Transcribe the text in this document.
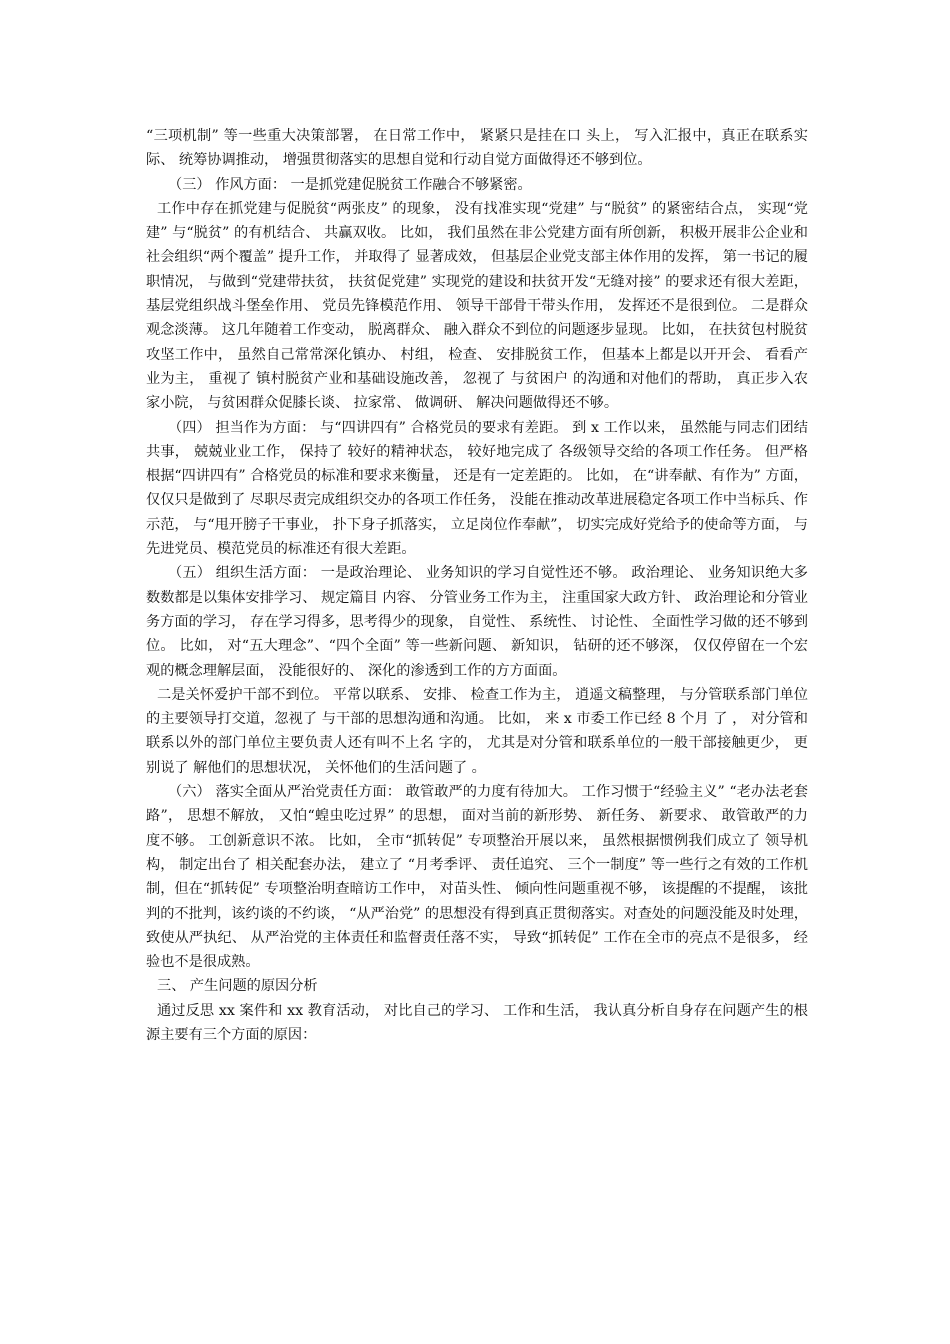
“三项机制” 等一些重大决策部署， 在日常工作中， 紧紧只是挂在口 头上， 写入汇报中，真正在联系实际、 统筹协调推动， 增强贯彻落实的思想自觉和行动自觉方面做得还不够到位。

（三） 作风方面： 一是抓党建促脱贫工作融合不够紧密。

工作中存在抓党建与促脱贫“两张皮” 的现象， 没有找准实现“党建” 与“脱贫” 的紧密结合点， 实现“党建” 与“脱贫” 的有机结合、 共赢双收。 比如， 我们虽然在非公党建方面有所创新， 积极开展非公企业和社会组织“两个覆盖” 提升工作， 并取得了 显著成效， 但基层企业党支部主体作用的发挥， 第一书记的履职情况， 与做到“党建带扶贫， 扶贫促党建” 实现党的建设和扶贫开发“无缝对接” 的要求还有很大差距， 基层党组织战斗堡垒作用、 党员先锋模范作用、 领导干部骨干带头作用， 发挥还不是很到位。 二是群众观念淡薄。 这几年随着工作变动， 脱离群众、 融入群众不到位的问题逐步显现。 比如， 在扶贫包村脱贫攻坚工作中， 虽然自己常常深化镇办、 村组， 检查、 安排脱贫工作， 但基本上都是以开开会、 看看产业为主， 重视了 镇村脱贫产业和基础设施改善， 忽视了 与贫困户 的沟通和对他们的帮助， 真正步入农家小院， 与贫困群众促膝长谈、 拉家常、 做调研、 解决问题做得还不够。

（四） 担当作为方面： 与“四讲四有” 合格党员的要求有差距。 到 x 工作以来， 虽然能与同志们团结共事， 兢兢业业工作， 保持了 较好的精神状态， 较好地完成了 各级领导交给的各项工作任务。 但严格根据“四讲四有” 合格党员的标准和要求来衡量， 还是有一定差距的。 比如， 在“讲奉献、有作为” 方面， 仅仅只是做到了 尽职尽责完成组织交办的各项工作任务， 没能在推动改革进展稳定各项工作中当标兵、作示范， 与“甩开膀子干事业， 扑下身子抓落实， 立足岗位作奉献”， 切实完成好党给予的使命等方面， 与先进党员、模范党员的标准还有很大差距。

（五） 组织生活方面： 一是政治理论、 业务知识的学习自觉性还不够。 政治理论、 业务知识绝大多数数都是以集体安排学习、 规定篇目 内容、 分管业务工作为主， 注重国家大政方针、 政治理论和分管业务方面的学习， 存在学习得多，思考得少的现象， 自觉性、 系统性、 讨论性、 全面性学习做的还不够到位。 比如， 对“五大理念”、“四个全面” 等一些新问题、 新知识， 钻研的还不够深， 仅仅停留在一个宏观的概念理解层面， 没能很好的、 深化的渗透到工作的方方面面。

二是关怀爱护干部不到位。 平常以联系、 安排、 检查工作为主， 逍遥文稿整理， 与分管联系部门单位的主要领导打交道，忽视了 与干部的思想沟通和沟通。 比如， 来 x 市委工作已经 8 个月 了 ， 对分管和联系以外的部门单位主要负责人还有叫不上名 字的， 尤其是对分管和联系单位的一般干部接触更少， 更别说了 解他们的思想状况， 关怀他们的生活问题了 。

（六） 落实全面从严治党责任方面： 敢管敢严的力度有待加大。 工作习惯于“经验主义” “老办法老套路”， 思想不解放， 又怕“蝗虫吃过界” 的思想， 面对当前的新形势、 新任务、 新要求、 敢管敢严的力度不够。 工创新意识不浓。 比如， 全市“抓转促” 专项整治开展以来， 虽然根据惯例我们成立了 领导机构， 制定出台了 相关配套办法， 建立了 “月考季评、 责任追究、 三个一制度” 等一些行之有效的工作机制，但在“抓转促” 专项整治明查暗访工作中， 对苗头性、 倾向性问题重视不够， 该提醒的不提醒， 该批判的不批判，该约谈的不约谈， “从严治党” 的思想没有得到真正贯彻落实。对查处的问题没能及时处理， 致使从严执纪、 从严治党的主体责任和监督责任落不实， 导致“抓转促” 工作在全市的亮点不是很多， 经验也不是很成熟。

三、 产生问题的原因分析

通过反思 xx 案件和 xx 教育活动， 对比自己的学习、 工作和生活， 我认真分析自身存在问题产生的根源主要有三个方面的原因：
